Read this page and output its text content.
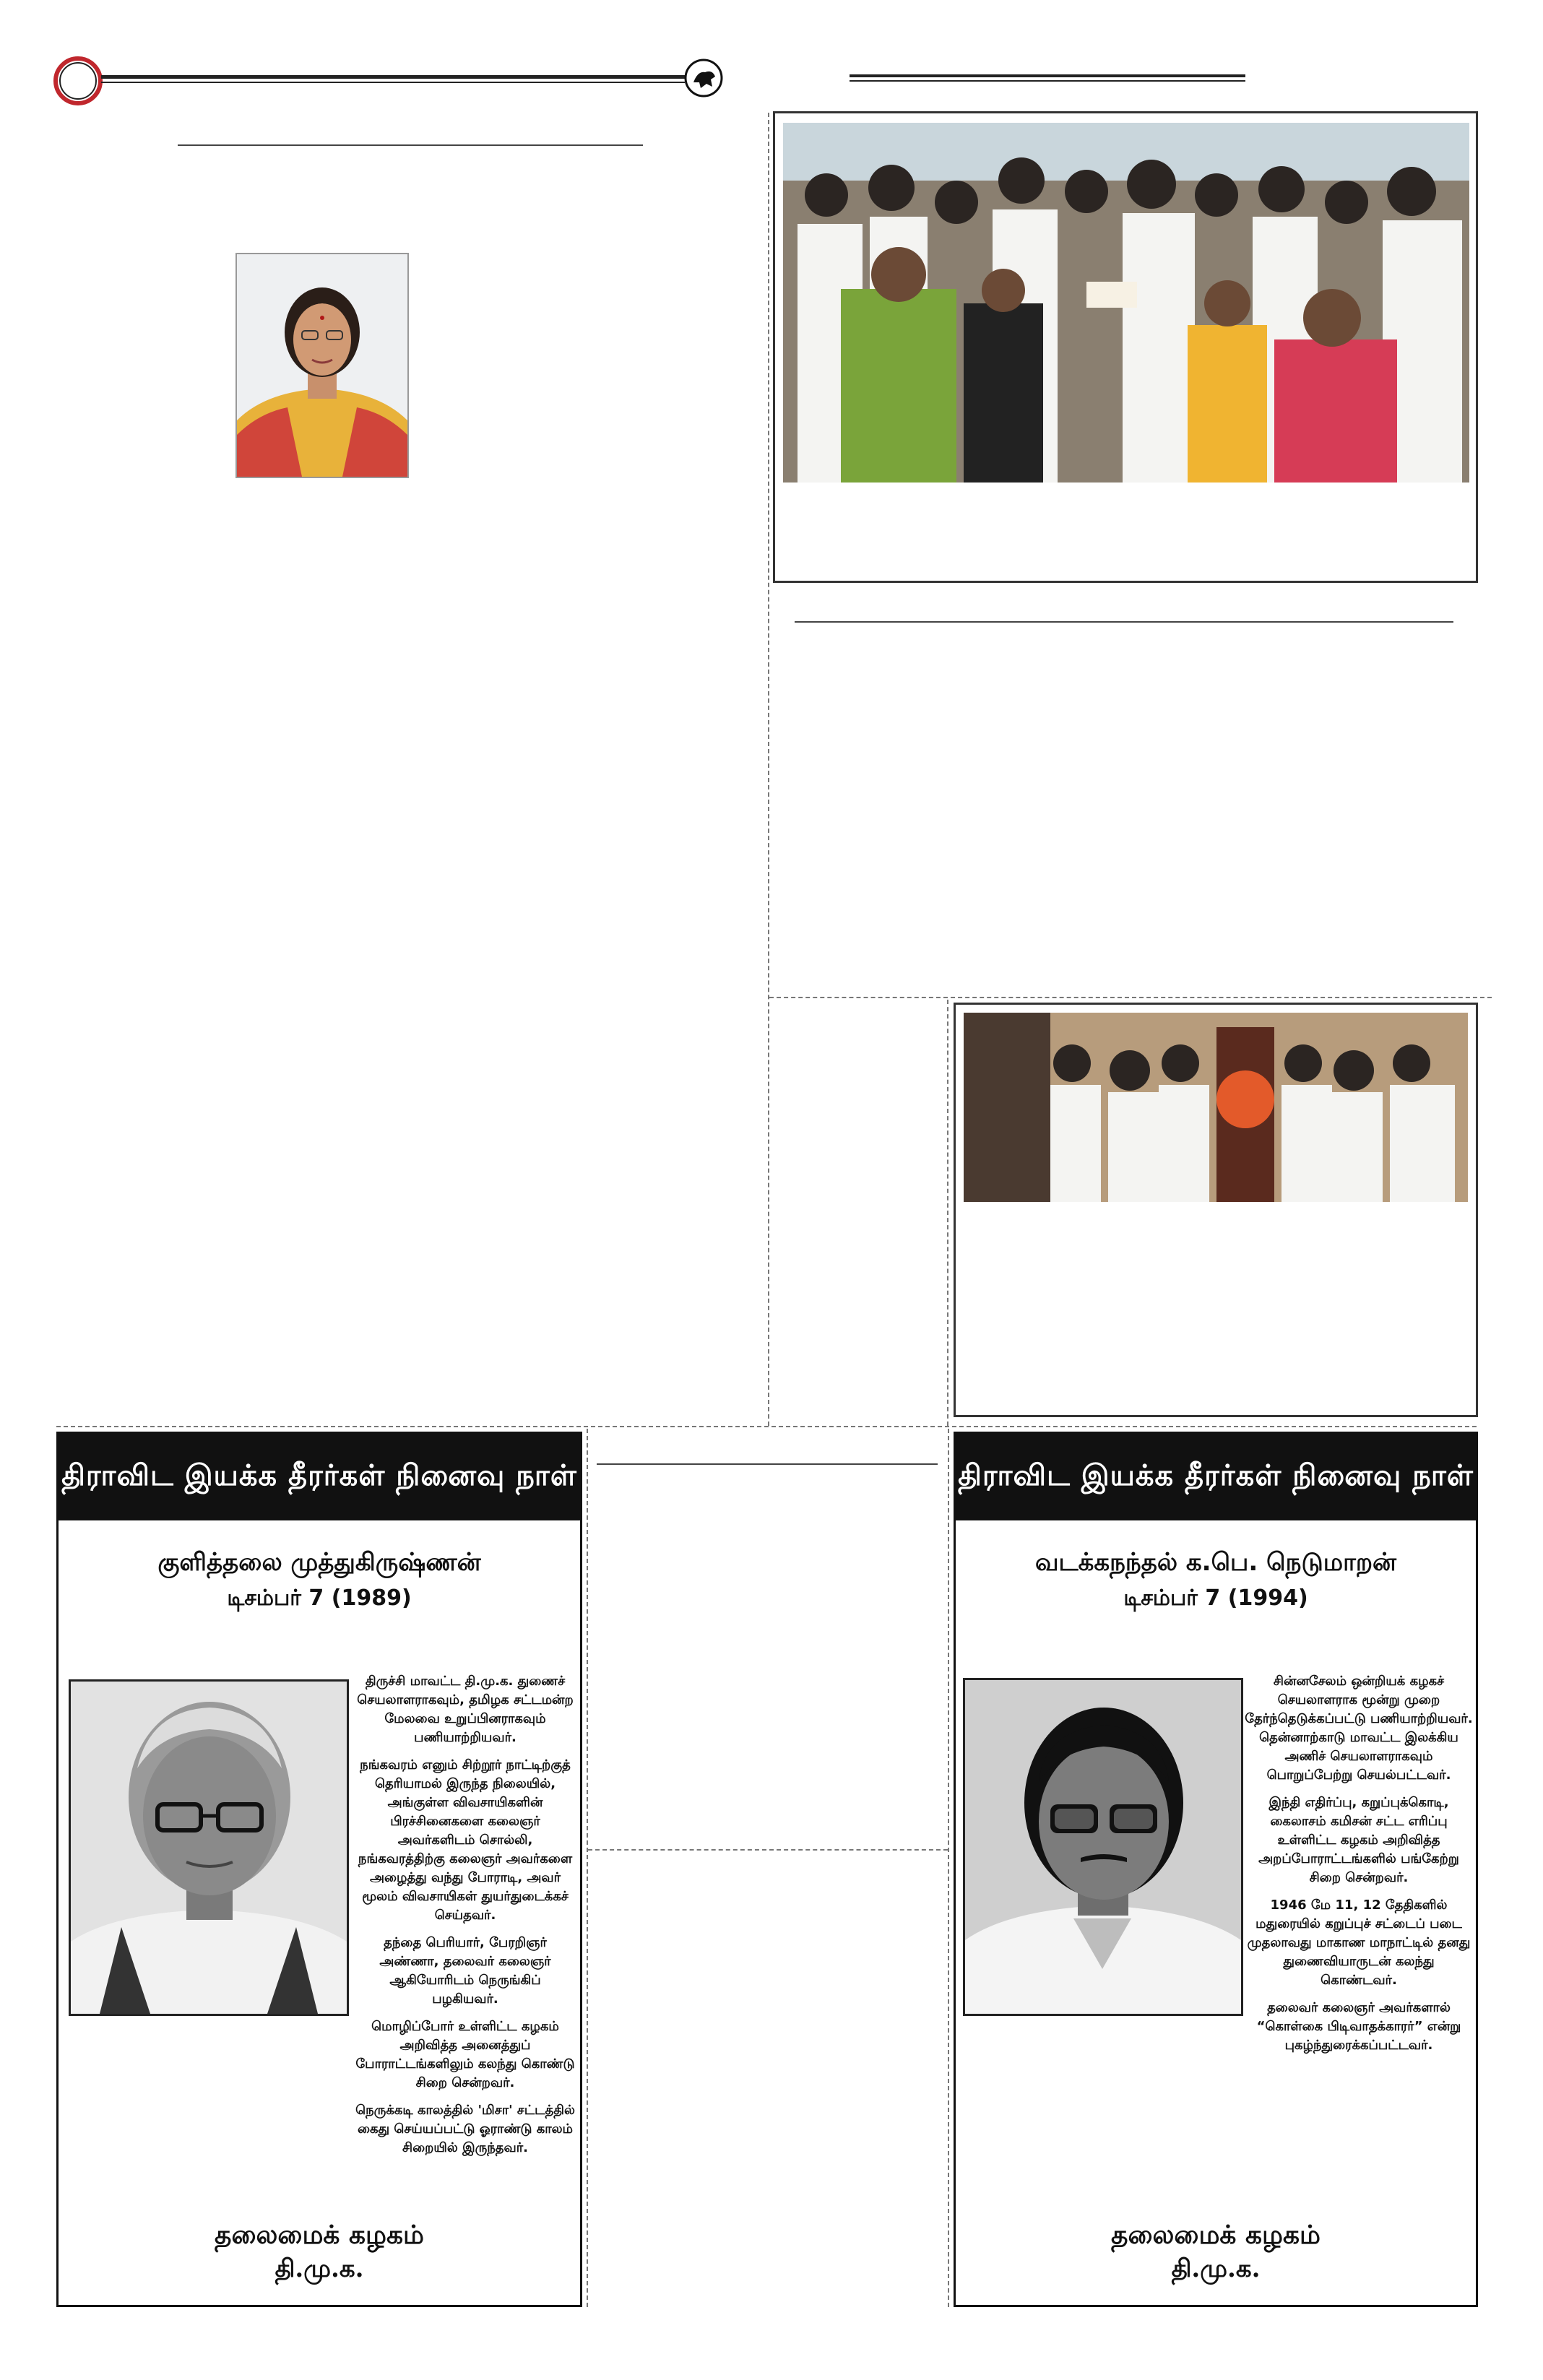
திராவிட இயக்க தீரர்கள் நினைவு நாள்
குளித்தலை முத்துகிருஷ்ணன்
டிசம்பர் 7 (1989)

திருச்சி மாவட்ட தி.மு.க. துணைச் செயலாளராகவும், தமிழக சட்டமன்ற மேலவை உறுப்பினராகவும் பணியாற்றியவர்.

நங்கவரம் எனும் சிற்றூர் நாட்டிற்குத் தெரியாமல் இருந்த நிலையில், அங்குள்ள விவசாயிகளின் பிரச்சினைகளை கலைஞர் அவர்களிடம் சொல்லி, நங்கவரத்திற்கு கலைஞர் அவர்களை அழைத்து வந்து போராடி, அவர் மூலம் விவசாயிகள் துயர்துடைக்கச் செய்தவர்.

தந்தை பெரியார், பேரறிஞர் அண்ணா, தலைவர் கலைஞர் ஆகியோரிடம் நெருங்கிப் பழகியவர்.

மொழிப்போர் உள்ளிட்ட கழகம் அறிவித்த அனைத்துப் போராட்டங்களிலும் கலந்து கொண்டு சிறை சென்றவர்.

நெருக்கடி காலத்தில் 'மிசா' சட்டத்தில் கைது செய்யப்பட்டு ஓராண்டு காலம் சிறையில் இருந்தவர்.

தலைமைக் கழகம்
தி.மு.க.
திராவிட இயக்க தீரர்கள் நினைவு நாள்
வடக்கநந்தல் க.பெ. நெடுமாறன்
டிசம்பர் 7 (1994)

சின்னசேலம் ஒன்றியக் கழகச் செயலாளராக மூன்று முறை தேர்ந்தெடுக்கப்பட்டு பணியாற்றியவர். தென்னாற்காடு மாவட்ட இலக்கிய அணிச் செயலாளராகவும் பொறுப்பேற்று செயல்பட்டவர்.

இந்தி எதிர்ப்பு, கறுப்புக்கொடி, கைலாசம் கமிசன் சட்ட எரிப்பு உள்ளிட்ட கழகம் அறிவித்த அறப்போராட்டங்களில் பங்கேற்று சிறை சென்றவர்.

1946 மே 11, 12 தேதிகளில் மதுரையில் கறுப்புச் சட்டைப் படை முதலாவது மாகாண மாநாட்டில் தனது துணைவியாருடன் கலந்து கொண்டவர்.

தலைவர் கலைஞர் அவர்களால் “கொள்கை பிடிவாதக்காரர்” என்று புகழ்ந்துரைக்கப்பட்டவர்.

தலைமைக் கழகம்
தி.மு.க.
